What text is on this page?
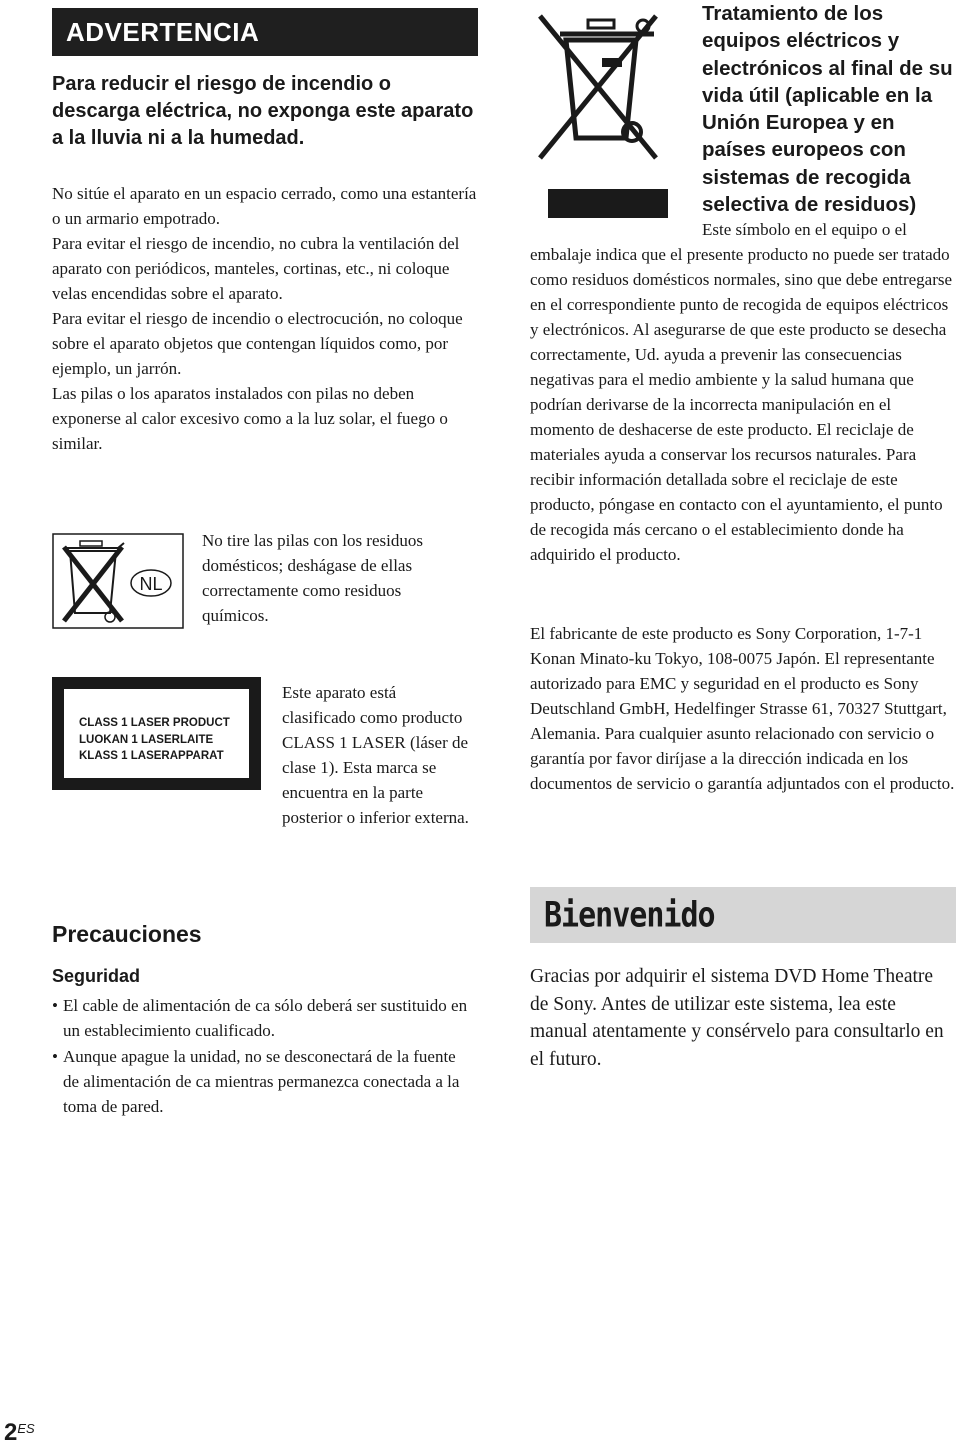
ADVERTENCIA

Para reducir el riesgo de incendio o descarga eléctrica, no exponga este aparato a la lluvia ni a la humedad.

No sitúe el aparato en un espacio cerrado, como una estantería o un armario empotrado.

Para evitar el riesgo de incendio, no cubra la ventilación del aparato con periódicos, manteles, cortinas, etc., ni coloque velas encendidas sobre el aparato.

Para evitar el riesgo de incendio o electrocución, no coloque sobre el aparato objetos que contengan líquidos como, por ejemplo, un jarrón.

Las pilas o los aparatos instalados con pilas no deben exponerse al calor excesivo como a la luz solar, el fuego o similar.

NL

No tire las pilas con los residuos domésticos; deshágase de ellas correctamente como residuos químicos.

CLASS 1 LASER PRODUCT
LUOKAN 1 LASERLAITE
KLASS 1 LASERAPPARAT

Este aparato está clasificado como producto CLASS 1 LASER (láser de clase 1). Esta marca se encuentra en la parte posterior o inferior externa.

Precauciones
Seguridad
• El cable de alimentación de ca sólo deberá ser sustituido en un establecimiento cualificado.
• Aunque apague la unidad, no se desconectará de la fuente de alimentación de ca mientras permanezca conectada a la toma de pared.

Tratamiento de los equipos eléctricos y electrónicos al final de su vida útil (aplicable en la Unión Europea y en países europeos con sistemas de recogida selectiva de residuos)

Este símbolo en el equipo o el

embalaje indica que el presente producto no puede ser tratado como residuos domésticos normales, sino que debe entregarse en el correspondiente punto de recogida de equipos eléctricos y electrónicos. Al asegurarse de que este producto se desecha correctamente, Ud. ayuda a prevenir las consecuencias negativas para el medio ambiente y la salud humana que podrían derivarse de la incorrecta manipulación en el momento de deshacerse de este producto. El reciclaje de materiales ayuda a conservar los recursos naturales. Para recibir información detallada sobre el reciclaje de este producto, póngase en contacto con el ayuntamiento, el punto de recogida más cercano o el establecimiento donde ha adquirido el producto.

El fabricante de este producto es Sony Corporation, 1-7-1 Konan Minato-ku Tokyo, 108-0075 Japón. El representante autorizado para EMC y seguridad en el producto es Sony Deutschland GmbH, Hedelfinger Strasse 61, 70327 Stuttgart, Alemania. Para cualquier asunto relacionado con servicio o garantía por favor diríjase a la dirección indicada en los documentos de servicio o garantía adjuntados con el producto.

Bienvenido

Gracias por adquirir el sistema DVD Home Theatre de Sony. Antes de utilizar este sistema, lea este manual atentamente y consérvelo para consultarlo en el futuro.

$2^{ES}$
